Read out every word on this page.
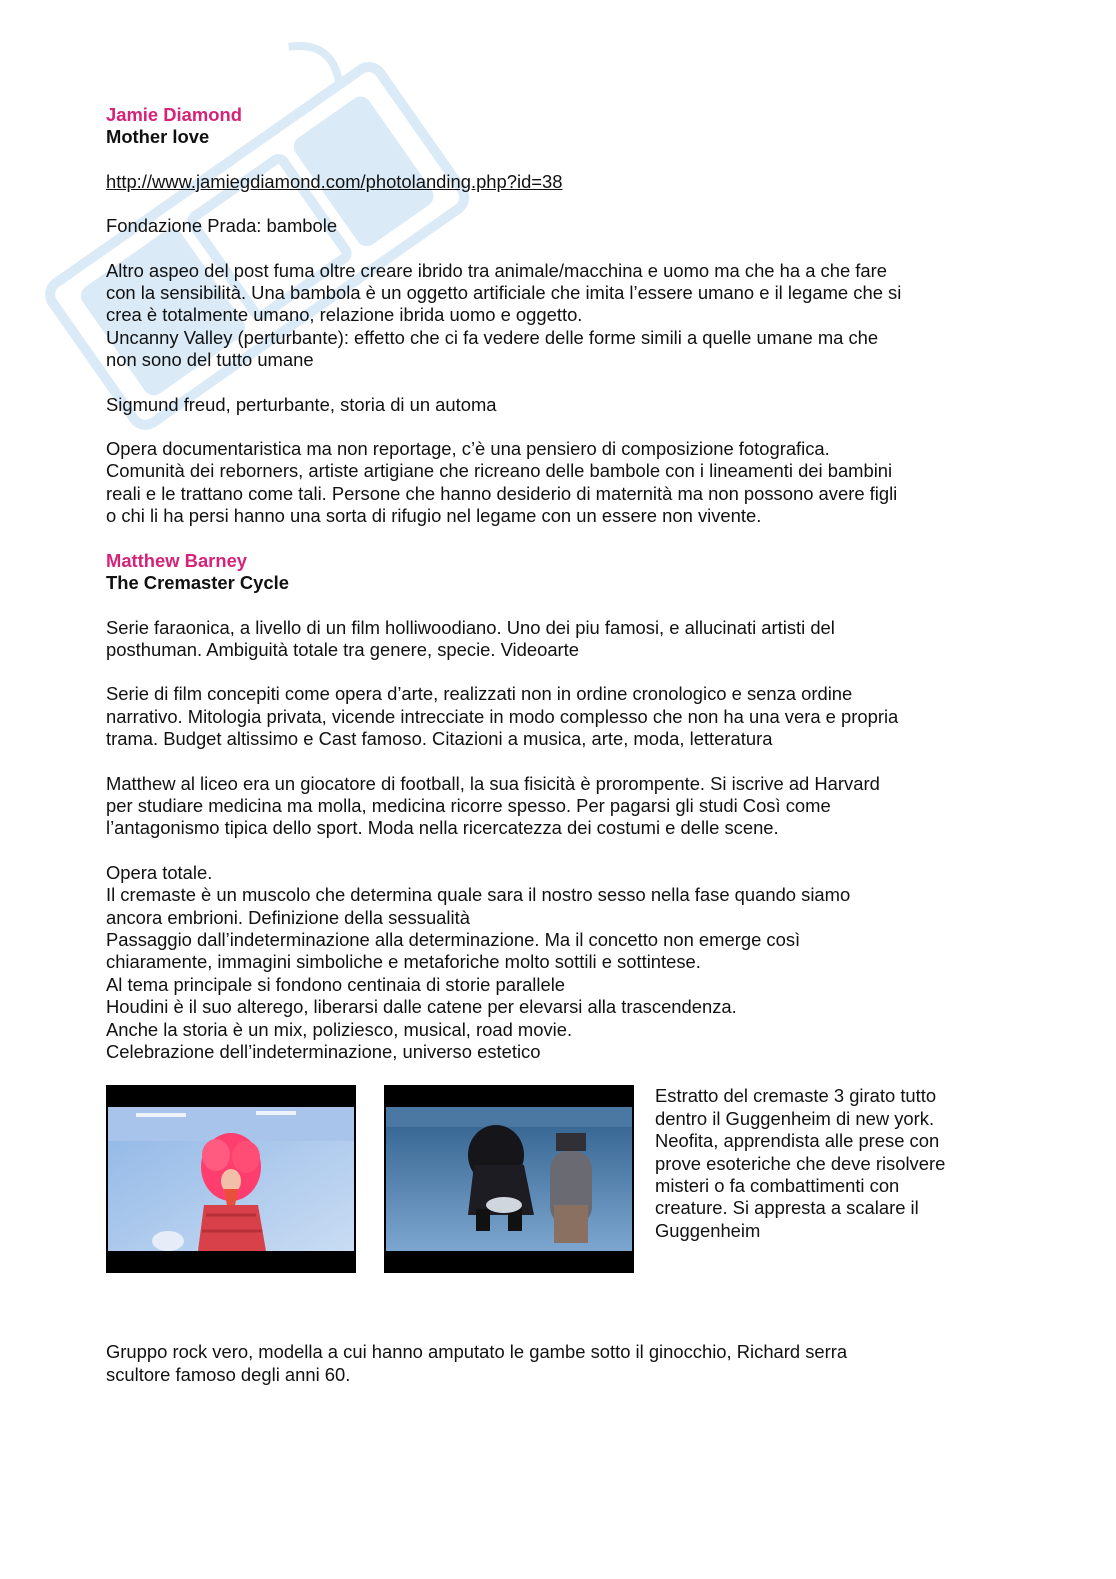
Jamie Diamond

Mother love

http://www.jamiegdiamond.com/photolanding.php?id=38

Fondazione Prada: bambole

Altro aspeo del post fuma oltre creare ibrido tra animale/macchina e uomo ma che ha a che fare
con la sensibilità. Una bambola è un oggetto artificiale che imita l’essere umano e il legame che si
crea è totalmente umano, relazione ibrida uomo e oggetto.
Uncanny Valley (perturbante): effetto che ci fa vedere delle forme simili a quelle umane ma che
non sono del tutto umane

Sigmund freud, perturbante, storia di un automa

Opera documentaristica ma non reportage, c’è una pensiero di composizione fotografica.
Comunità dei reborners, artiste artigiane che ricreano delle bambole con i lineamenti dei bambini
reali e le trattano come tali. Persone che hanno desiderio di maternità ma non possono avere figli
o chi li ha persi hanno una sorta di rifugio nel legame con un essere non vivente.

Matthew Barney

The Cremaster Cycle

Serie faraonica, a livello di un film holliwoodiano. Uno dei piu famosi, e allucinati artisti del
posthuman. Ambiguità totale tra genere, specie. Videoarte

Serie di film concepiti come opera d’arte, realizzati non in ordine cronologico e senza ordine
narrativo. Mitologia privata, vicende intrecciate in modo complesso che non ha una vera e propria
trama. Budget altissimo e Cast famoso. Citazioni a musica, arte, moda, letteratura

Matthew al liceo era un giocatore di football, la sua fisicità è prorompente. Si iscrive ad Harvard
per studiare medicina ma molla, medicina ricorre spesso. Per pagarsi gli studi Così come
l’antagonismo tipica dello sport. Moda nella ricercatezza dei costumi e delle scene.

Opera totale.
Il cremaste è un muscolo che determina quale sara il nostro sesso nella fase quando siamo
ancora embrioni. Definizione della sessualità
Passaggio dall’indeterminazione alla determinazione. Ma il concetto non emerge così
chiaramente, immagini simboliche e metaforiche molto sottili e sottintese.
Al tema principale si fondono centinaia di storie parallele
Houdini è il suo alterego, liberarsi dalle catene per elevarsi alla trascendenza.
Anche la storia è un mix, poliziesco, musical, road movie.
Celebrazione dell’indeterminazione, universo estetico

Estratto del cremaste 3 girato tutto
dentro il Guggenheim di new york.
Neofita, apprendista alle prese con
prove esoteriche che deve risolvere
misteri o fa combattimenti con
creature. Si appresta a scalare il
Guggenheim

Gruppo rock vero, modella a cui hanno amputato le gambe sotto il ginocchio, Richard serra
scultore famoso degli anni 60.
